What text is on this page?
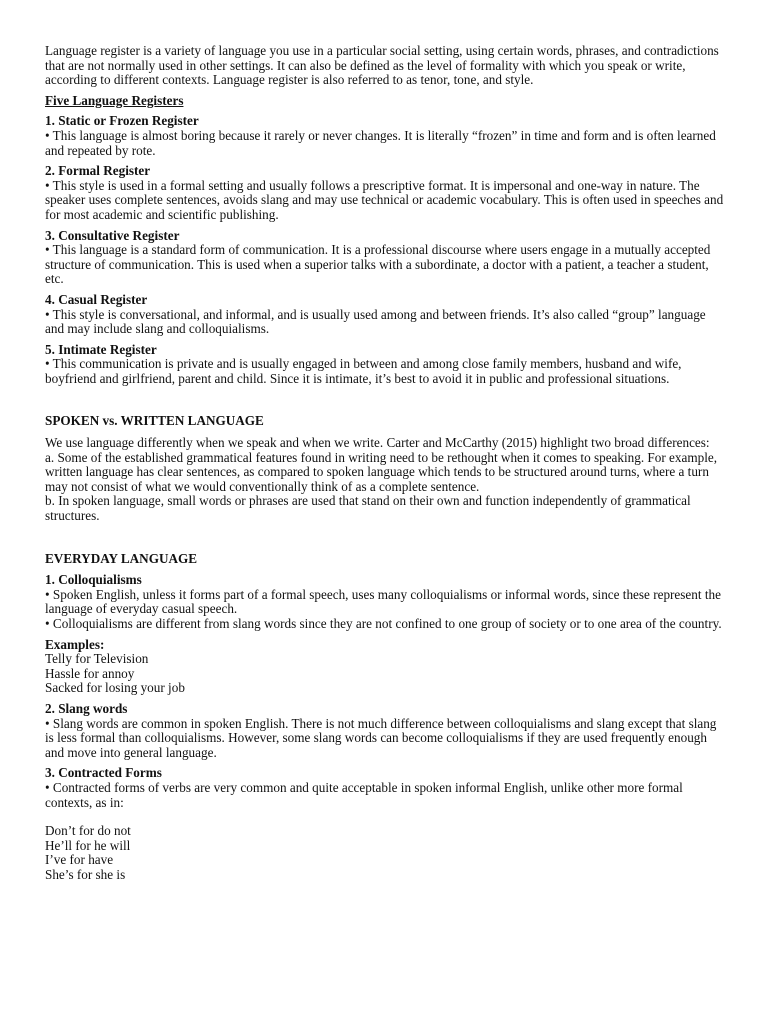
Language register is a variety of language you use in a particular social setting, using certain words, phrases, and contradictions that are not normally used in other settings. It can also be defined as the level of formality with which you speak or write, according to different contexts. Language register is also referred to as tenor, tone, and style.

Five Language Registers

1. Static or Frozen Register

• This language is almost boring because it rarely or never changes. It is literally “frozen” in time and form and is often learned and repeated by rote.

2. Formal Register

• This style is used in a formal setting and usually follows a prescriptive format. It is impersonal and one-way in nature. The speaker uses complete sentences, avoids slang and may use technical or academic vocabulary. This is often used in speeches and for most academic and scientific publishing.

3. Consultative Register

• This language is a standard form of communication. It is a professional discourse where users engage in a mutually accepted structure of communication. This is used when a superior talks with a subordinate, a doctor with a patient, a teacher a student, etc.

4. Casual Register

• This style is conversational, and informal, and is usually used among and between friends. It’s also called “group” language and may include slang and colloquialisms.

5. Intimate Register

• This communication is private and is usually engaged in between and among close family members, husband and wife, boyfriend and girlfriend, parent and child. Since it is intimate, it’s best to avoid it in public and professional situations.

SPOKEN vs. WRITTEN LANGUAGE

We use language differently when we speak and when we write. Carter and McCarthy (2015) highlight two broad differences:

a. Some of the established grammatical features found in writing need to be rethought when it comes to speaking. For example, written language has clear sentences, as compared to spoken language which tends to be structured around turns, where a turn may not consist of what we would conventionally think of as a complete sentence.

b. In spoken language, small words or phrases are used that stand on their own and function independently of grammatical structures.

EVERYDAY LANGUAGE

1. Colloquialisms

• Spoken English, unless it forms part of a formal speech, uses many colloquialisms or informal words, since these represent the language of everyday casual speech.

• Colloquialisms are different from slang words since they are not confined to one group of society or to one area of the country.

Examples:

Telly for Television

Hassle for annoy

Sacked for losing your job

2. Slang words

• Slang words are common in spoken English. There is not much difference between colloquialisms and slang except that slang is less formal than colloquialisms. However, some slang words can become colloquialisms if they are used frequently enough and move into general language.

3. Contracted Forms

• Contracted forms of verbs are very common and quite acceptable in spoken informal English, unlike other more formal contexts, as in:

Don’t for do not

He’ll for he will

I’ve for have

She’s for she is
